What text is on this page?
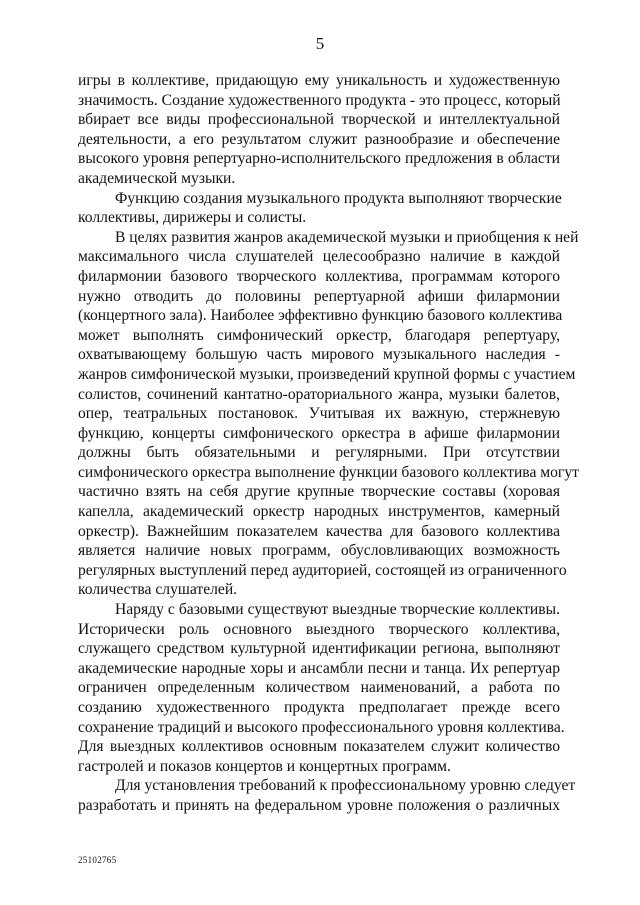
5
игры в коллективе, придающую ему уникальность и художественную
значимость. Создание художественного продукта - это процесс, который
вбирает все виды профессиональной творческой и интеллектуальной
деятельности, а его результатом служит разнообразие и обеспечение
высокого уровня репертуарно-исполнительского предложения в области
академической музыки.
Функцию создания музыкального продукта выполняют творческие
коллективы, дирижеры и солисты.
В целях развития жанров академической музыки и приобщения к ней
максимального числа слушателей целесообразно наличие в каждой
филармонии базового творческого коллектива, программам которого
нужно отводить до половины репертуарной афиши филармонии
(концертного зала). Наиболее эффективно функцию базового коллектива
может выполнять симфонический оркестр, благодаря репертуару,
охватывающему большую часть мирового музыкального наследия -
жанров симфонической музыки, произведений крупной формы с участием
солистов, сочинений кантатно-ораториального жанра, музыки балетов,
опер, театральных постановок. Учитывая их важную, стержневую
функцию, концерты симфонического оркестра в афише филармонии
должны быть обязательными и регулярными. При отсутствии
симфонического оркестра выполнение функции базового коллектива могут
частично взять на себя другие крупные творческие составы (хоровая
капелла, академический оркестр народных инструментов, камерный
оркестр). Важнейшим показателем качества для базового коллектива
является наличие новых программ, обусловливающих возможность
регулярных выступлений перед аудиторией, состоящей из ограниченного
количества слушателей.
Наряду с базовыми существуют выездные творческие коллективы.
Исторически роль основного выездного творческого коллектива,
служащего средством культурной идентификации региона, выполняют
академические народные хоры и ансамбли песни и танца. Их репертуар
ограничен определенным количеством наименований, а работа по
созданию художественного продукта предполагает прежде всего
сохранение традиций и высокого профессионального уровня коллектива.
Для выездных коллективов основным показателем служит количество
гастролей и показов концертов и концертных программ.
Для установления требований к профессиональному уровню следует
разработать и принять на федеральном уровне положения о различных
25102765
